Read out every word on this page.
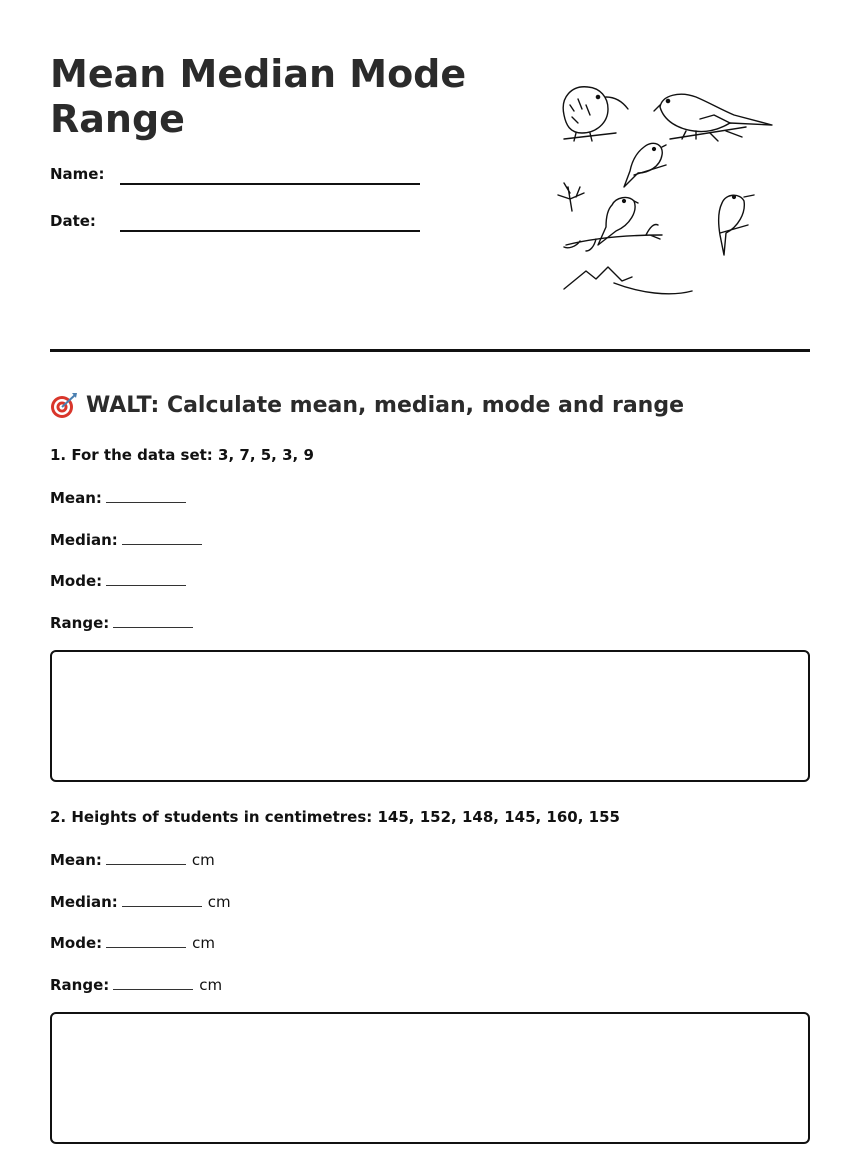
Mean Median Mode Range
Name:
Date:
WALT: Calculate mean, median, mode and range
1. For the data set: 3, 7, 5, 3, 9
Mean:
Median:
Mode:
Range:
2. Heights of students in centimetres: 145, 152, 148, 145, 160, 155
Mean:	cm
Median:	cm
Mode:	cm
Range:	cm
